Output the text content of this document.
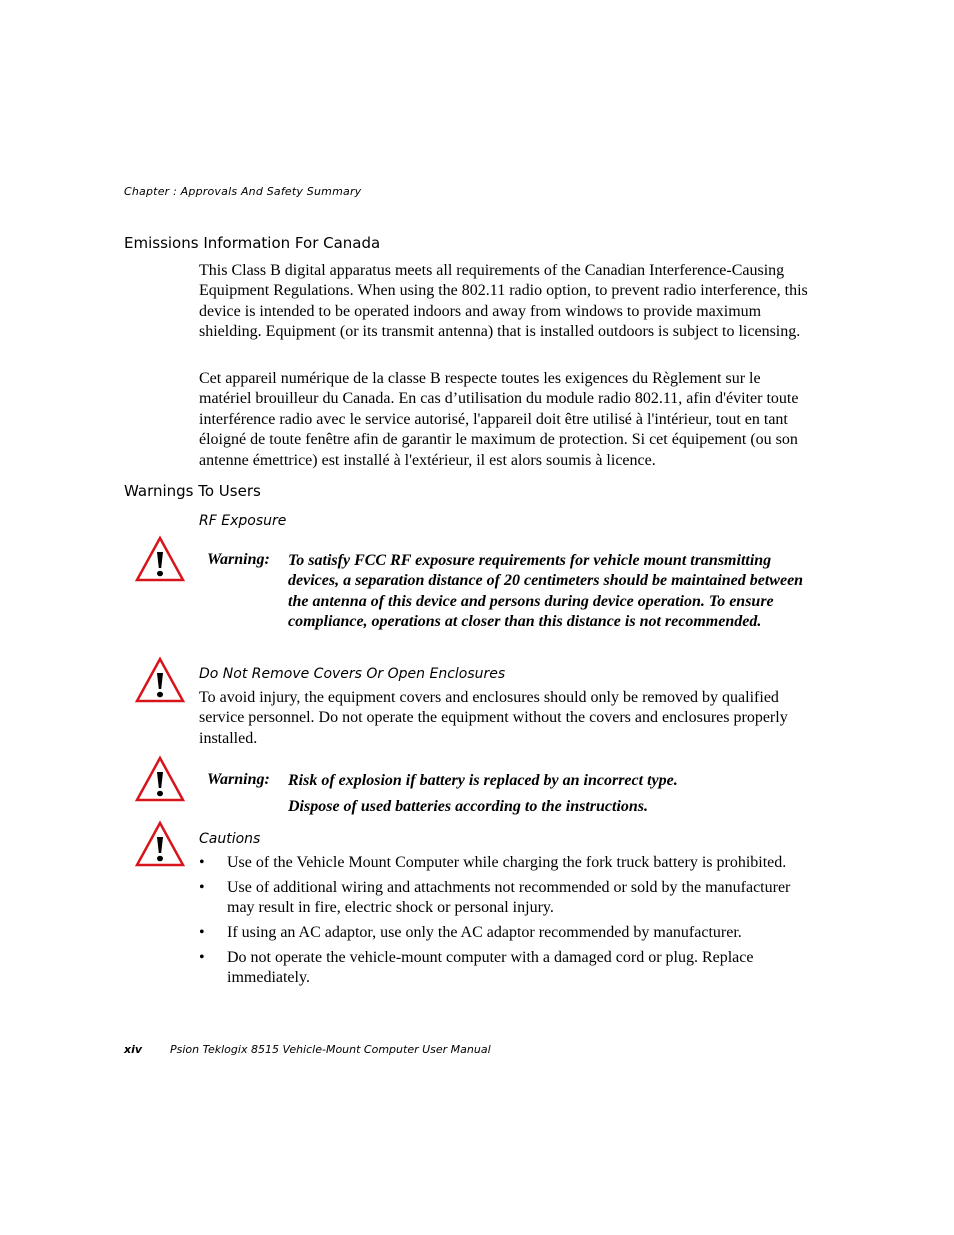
Chapter : Approvals And Safety Summary
Emissions Information For Canada
This Class B digital apparatus meets all requirements of the Canadian Interference-Causing Equipment Regulations. When using the 802.11 radio option, to prevent radio interference, this device is intended to be operated indoors and away from windows to provide maximum shielding. Equipment (or its transmit antenna) that is installed outdoors is subject to licensing.
Cet appareil numérique de la classe B respecte toutes les exigences du Règlement sur le matériel brouilleur du Canada. En cas d’utilisation du module radio 802.11, afin d'éviter toute interférence radio avec le service autorisé, l'appareil doit être utilisé à l'intérieur, tout en tant éloigné de toute fenêtre afin de garantir le maximum de protection. Si cet équipement (ou son antenne émettrice) est installé à l'extérieur, il est alors soumis à licence.
Warnings To Users
RF Exposure
Warning: To satisfy FCC RF exposure requirements for vehicle mount transmitting devices, a separation distance of 20 centimeters should be maintained between the antenna of this device and persons during device operation. To ensure compliance, operations at closer than this distance is not recommended.
Do Not Remove Covers Or Open Enclosures
To avoid injury, the equipment covers and enclosures should only be removed by qualified service personnel. Do not operate the equipment without the covers and enclosures properly installed.
Warning: Risk of explosion if battery is replaced by an incorrect type.
Dispose of used batteries according to the instructions.
Cautions
• Use of the Vehicle Mount Computer while charging the fork truck battery is prohibited.
• Use of additional wiring and attachments not recommended or sold by the manufacturer may result in fire, electric shock or personal injury.
• If using an AC adaptor, use only the AC adaptor recommended by manufacturer.
• Do not operate the vehicle-mount computer with a damaged cord or plug. Replace immediately.
xiv	Psion Teklogix 8515 Vehicle-Mount Computer User Manual
